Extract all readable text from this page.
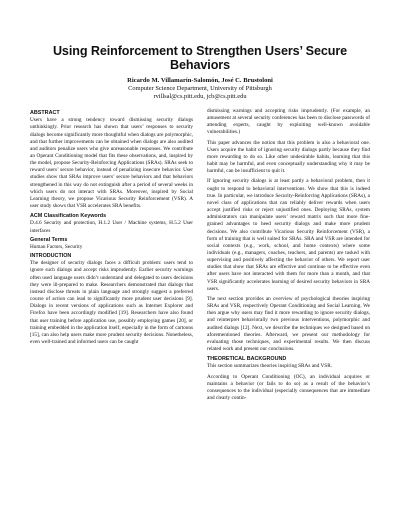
Using Reinforcement to Strengthen Users’ Secure Behaviors
Ricardo M. Villamarín-Salomón, José C. Brustoloni
Computer Science Department, University of Pittsburgh
rvillsal@cs.pitt.edu, jcb@cs.pitt.edu
ABSTRACT

Users have a strong tendency toward dismissing security dialogs unthinkingly. Prior research has shown that users’ responses to security dialogs become significantly more thoughtful when dialogs are polymorphic, and that further improvements can be obtained when dialogs are also audited and auditors penalize users who give unreasonable responses. We contribute an Operant Conditioning model that fits these observations, and, inspired by the model, propose Security-Reinforcing Applications (SRAs). SRAs seek to reward users’ secure behavior, instead of penalizing insecure behavior. User studies show that SRAs improve users’ secure behaviors and that behaviors strengthened in this way do not extinguish after a period of several weeks in which users do not interact with SRAs. Moreover, inspired by Social Learning theory, we propose Vicarious Security Reinforcement (VSR). A user study shows that VSR accelerates SRA benefits.

ACM Classification Keywords

D.4.6 Security and protection, H.1.2 User / Machine systems, H.5.2 User interfaces

General Terms

Human Factors, Security

INTRODUCTION

The designer of security dialogs faces a difficult problem: users tend to ignore such dialogs and accept risks imprudently. Earlier security warnings often used language users didn’t understand and delegated to users decisions they were ill-prepared to make. Researchers demonstrated that dialogs that instead disclose threats in plain language and strongly suggest a preferred course of action can lead to significantly more prudent user decisions [9]. Dialogs in recent versions of applications such as Internet Explorer and Firefox have been accordingly modified [19]. Researchers have also found that user training before application use, possibly employing games [20], or training embedded in the application itself, especially in the form of cartoons [15], can also help users make more prudent security decisions. Nonetheless, even well-trained and informed users can be caught

dismissing warnings and accepting risks imprudently. (For example, an amusement at several security conferences has been to disclose passwords of attending experts, caught by exploiting well-known avoidable vulnerabilities.)

This paper advances the notion that this problem is also a behavioral one. Users acquire the habit of ignoring security dialogs partly because they find more rewarding to do so. Like other undesirable habits, learning that this habit may be harmful, and even conceptually understanding why it may be harmful, can be insufficient to quit it.

If ignoring security dialogs is at least partly a behavioral problem, then it ought to respond to behavioral interventions. We show that this is indeed true. In particular, we introduce Security-Reinforcing Applications (SRAs), a novel class of applications that can reliably deliver rewards when users accept justified risks or reject unjustified ones. Deploying SRAs, system administrators can manipulate users’ reward matrix such that more fine-grained advantages to heed security dialogs and make more prudent decisions. We also contribute Vicarious Security Reinforcement (VSR), a form of training that is well suited for SRAs. SRA and VSR are intended for social contexts (e.g., work, school, and home contexts) where some individuals (e.g., managers, coaches, teachers, and parents) are tasked with supervising and positively affecting the behavior of others. We report user studies that show that SRAs are effective and continue to be effective even after users have not interacted with them for more than a month, and that VSR significantly accelerates learning of desired security behaviors in SRA users.

The next section provides an overview of psychological theories inspiring SRAs and VSR, respectively Operant Conditioning and Social Learning. We then argue why users may find it more rewarding to ignore security dialogs, and reinterpret behaviorally two previous interventions, polymorphic and audited dialogs [12]. Next, we describe the techniques we designed based on aforementioned theories. Afterward, we present our methodology for evaluating those techniques, and experimental results. We then discuss related work and present our conclusions.

THEORETICAL BACKGROUND

This section summarizes theories inspiring SRAs and VSR.

According to Operant Conditioning (OC), an individual acquires or maintains a behavior (or fails to do so) as a result of the behavior’s consequences to the individual (especially consequences that are immediate and clearly contin-
